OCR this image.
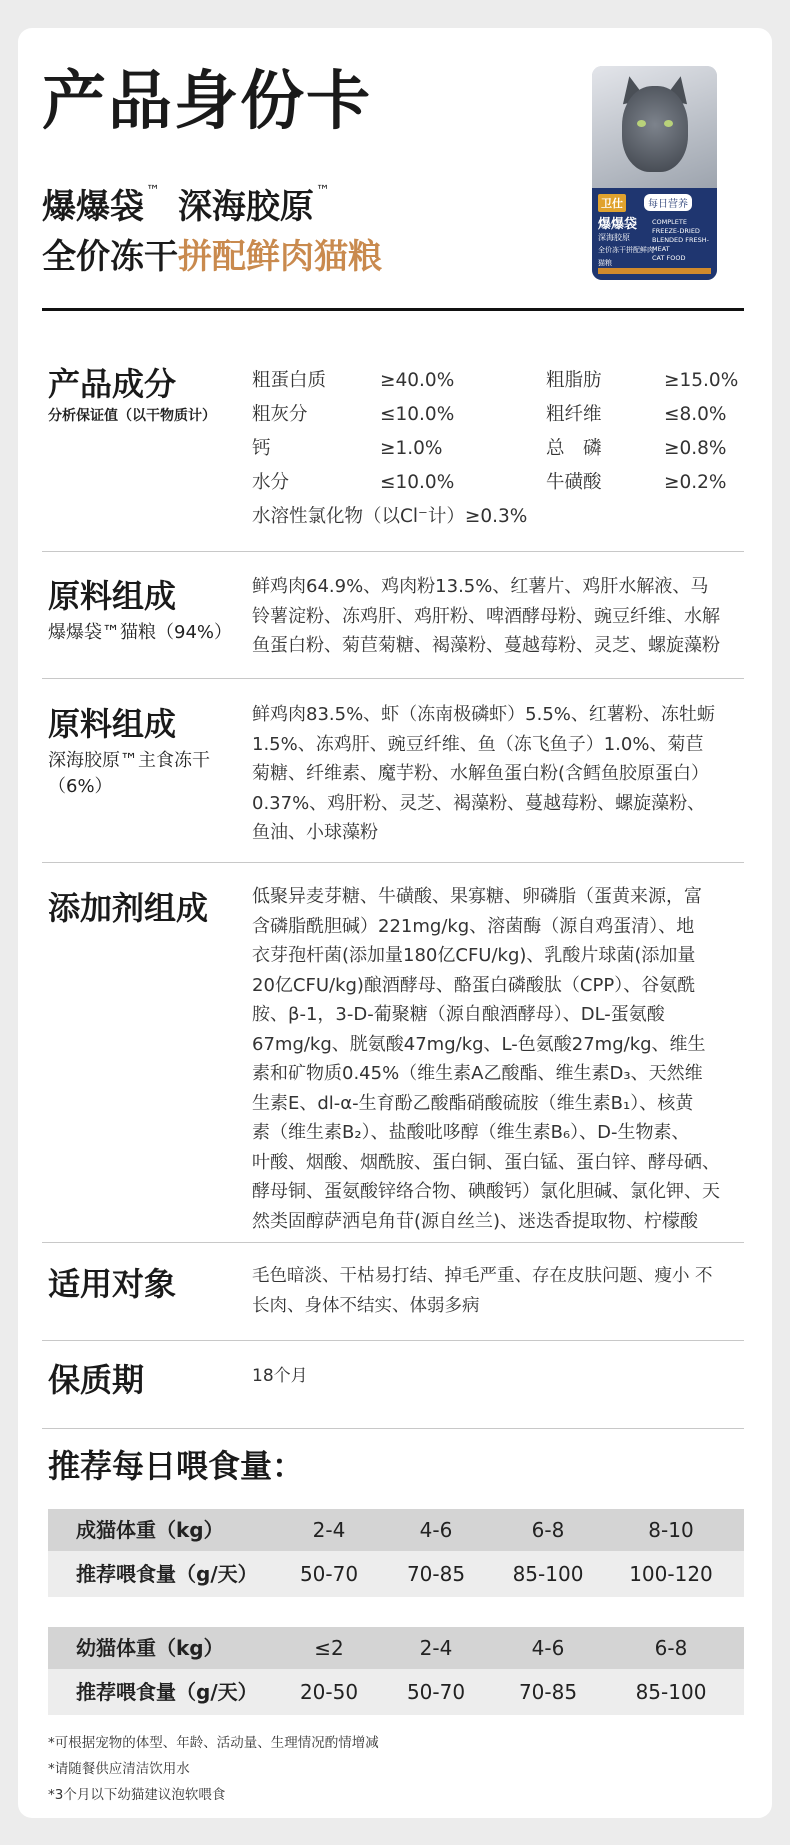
产品身份卡
爆爆袋 ™ 深海胶原 ™
全价冻干拼配鲜肉猫粮
卫仕	每日营养
爆爆袋
深海胶原
全价冻干拼配鲜肉猫粮
COMPLETE FREEZE-DRIED
BLENDED FRESH-MEAT
CAT FOOD
产品成分
分析保证值（以干物质计）
粗蛋白质	≥40.0%	粗脂肪	≥15.0%
粗灰分	≤10.0%	粗纤维	≤8.0%
钙	≥1.0%	总　磷	≥0.8%
水分	≤10.0%	牛磺酸	≥0.2%
水溶性氯化物（以Cl⁻计）≥0.3%
原料组成
爆爆袋™猫粮（94%）
鲜鸡肉64.9%、鸡肉粉13.5%、红薯片、鸡肝水解液、马
铃薯淀粉、冻鸡肝、鸡肝粉、啤酒酵母粉、豌豆纤维、水解
鱼蛋白粉、菊苣菊糖、褐藻粉、蔓越莓粉、灵芝、螺旋藻粉
原料组成
深海胶原™主食冻干
（6%）
鲜鸡肉83.5%、虾（冻南极磷虾）5.5%、红薯粉、冻牡蛎
1.5%、冻鸡肝、豌豆纤维、鱼（冻飞鱼子）1.0%、菊苣
菊糖、纤维素、魔芋粉、水解鱼蛋白粉(含鳕鱼胶原蛋白）
0.37%、鸡肝粉、灵芝、褐藻粉、蔓越莓粉、螺旋藻粉、
鱼油、小球藻粉
添加剂组成 低聚异麦芽糖、牛磺酸、果寡糖、卵磷脂（蛋黄来源，富
含磷脂酰胆碱）221mg/kg、溶菌酶（源自鸡蛋清）、地
衣芽孢杆菌(添加量180亿CFU/kg)、乳酸片球菌(添加量
20亿CFU/kg)酿酒酵母、酪蛋白磷酸肽（CPP）、谷氨酰
胺、β-1，3-D-葡聚糖（源自酿酒酵母）、DL-蛋氨酸
67mg/kg、胱氨酸47mg/kg、L-色氨酸27mg/kg、维生
素和矿物质0.45%（维生素A乙酸酯、维生素D₃、天然维
生素E、dl-α-生育酚乙酸酯硝酸硫胺（维生素B₁）、核黄
素（维生素B₂）、盐酸吡哆醇（维生素B₆）、D-生物素、
叶酸、烟酸、烟酰胺、蛋白铜、蛋白锰、蛋白锌、酵母硒、
酵母铜、蛋氨酸锌络合物、碘酸钙）氯化胆碱、氯化钾、天
然类固醇萨洒皂角苷(源自丝兰)、迷迭香提取物、柠檬酸
适用对象	毛色暗淡、干枯易打结、掉毛严重、存在皮肤问题、瘦小 不
长肉、身体不结实、体弱多病
保质期	18个月
推荐每日喂食量：
成猫体重（kg）	2-4	4-6	6-8	8-10
推荐喂食量（g/天）	50-70	70-85	85-100	100-120
幼猫体重（kg）	≤2	2-4	4-6	6-8
推荐喂食量（g/天）	20-50	50-70	70-85	85-100
*可根据宠物的体型、年龄、活动量、生理情况酌情增减
*请随餐供应清洁饮用水
*3个月以下幼猫建议泡软喂食
